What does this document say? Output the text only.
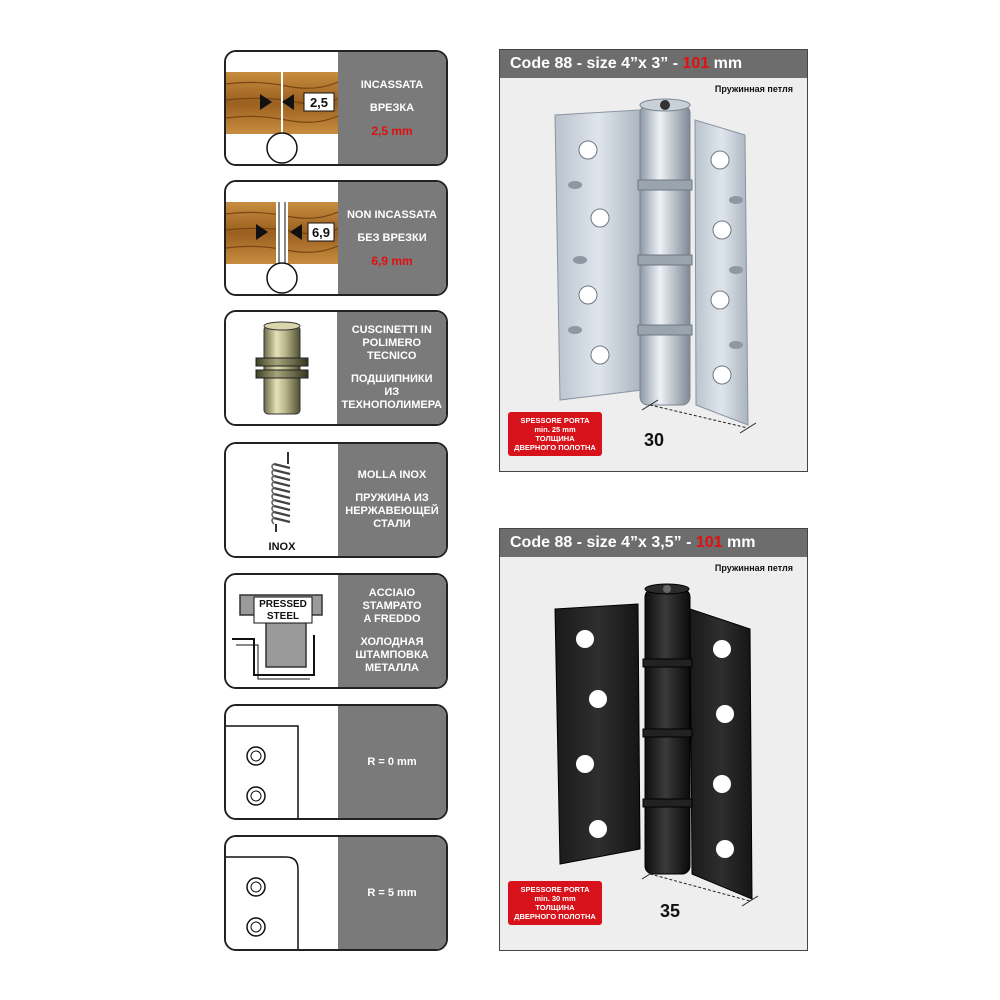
2,5
INCASSATA
ВРЕЗКА
2,5 mm
6,9
NON INCASSATA
БЕЗ ВРЕЗКИ
6,9 mm
CUSCINETTI IN
POLIMERO
TECNICO
ПОДШИПНИКИ
ИЗ ТЕХНОПОЛИМЕРА
INOX
MOLLA INOX
ПРУЖИНА ИЗ
НЕРЖАВЕЮЩЕЙ
СТАЛИ
PRESSED
STEEL
ACCIAIO
STAMPATO
A FREDDO
ХОЛОДНАЯ
ШТАМПОВКА МЕТАЛЛА
R = 0 mm
R = 5 mm
Code 88 - size 4”x 3” - 101 mm
Пружинная петля
SPESSORE PORTA
min. 25 mm
ТОЛЩИНА
ДВЕРНОГО ПОЛОТНА	30
Code 88 - size 4”x 3,5” - 101 mm
Пружинная петля
SPESSORE PORTA
min. 30 mm
ТОЛЩИНА
ДВЕРНОГО ПОЛОТНА	35
